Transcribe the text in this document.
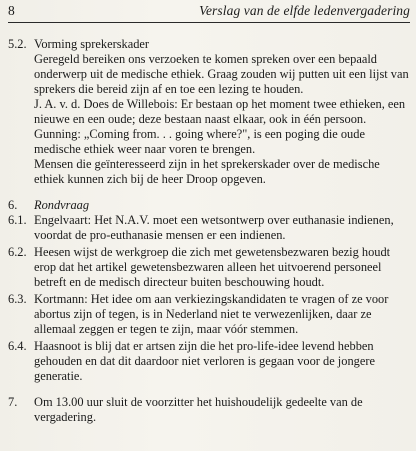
8	Verslag van de elfde ledenvergadering
5.2. Vorming sprekerskader

Geregeld bereiken ons verzoeken te komen spreken over een bepaald onderwerp uit de medische ethiek. Graag zouden wij putten uit een lijst van sprekers die bereid zijn af en toe een lezing te houden.

J. A. v. d. Does de Willebois: Er bestaan op het moment twee ethieken, een nieuwe en een oude; deze bestaan naast elkaar, ook in één persoon.

Gunning: „Coming from. . . going where?", is een poging die oude medische ethiek weer naar voren te brengen.

Mensen die geïnteresseerd zijn in het sprekerskader over de medische ethiek kunnen zich bij de heer Droop opgeven.

6. Rondvraag

6.1. Engelvaart: Het N.A.V. moet een wetsontwerp over euthanasie indienen, voordat de pro-euthanasie mensen er een indienen.

6.2. Heesen wijst de werkgroep die zich met gewetensbezwaren bezig houdt erop dat het artikel gewetensbezwaren alleen het uitvoerend personeel betreft en de medisch directeur buiten beschouwing houdt.

6.3. Kortmann: Het idee om aan verkiezingskandidaten te vragen of ze voor abortus zijn of tegen, is in Nederland niet te verwezenlijken, daar ze allemaal zeggen er tegen te zijn, maar vóór stemmen.

6.4. Haasnoot is blij dat er artsen zijn die het pro-life-idee levend hebben gehouden en dat dit daardoor niet verloren is gegaan voor de jongere generatie.

7. Om 13.00 uur sluit de voorzitter het huishoudelijk gedeelte van de vergadering.
